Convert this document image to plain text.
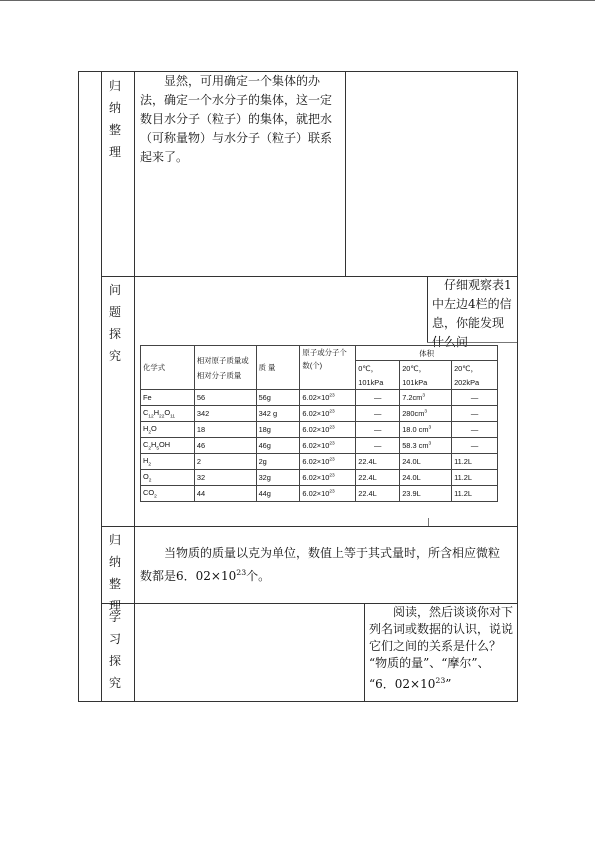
归
纳
整
理
显然，可用确定一个集体的办法，确定一个水分子的集体，这一定数目水分子（粒子）的集体，就把水（可称量物）与水分子（粒子）联系起来了。
问
题
探
究
仔细观察表1中左边4栏的信息，你能发现什么问
化学式	相对原子质量或相对分子质量	质 量	原子或分子个数(个)	体积		
				0℃，	20℃，	20℃，
				101kPa	101kPa	202kPa
Fe	56	56g	$6.02\times 10^{23}$	—	$7.2cm^3$	—
$C_{12}H_{22}O_{11}$	342	342 g	$6.02\times 10^{23}$	—	$280cm^3$	—
$H_2O$	18	18g	$6.02\times 10^{23}$	—	18.0 $cm^3$	—
$C_2H_5OH$	46	46g	$6.02\times 10^{23}$	—	58.3 $cm^3$	—
$H_2$	2	2g	$6.02\times 10^{23}$	22.4L	24.0L	11.2L
$O_2$	32	32g	$6.02\times 10^{23}$	22.4L	24.0L	11.2L
$CO_2$	44	44g	$6.02\times 10^{23}$	22.4L	23.9L	11.2L
归
纳
整
理
当物质的质量以克为单位，数值上等于其式量时，所含相应微粒数都是6．$02\times 10^{23}$个。
学
习
探
究
阅读，然后谈谈你对下列名词或数据的认识，说说它们之间的关系是什么？
“物质的量”、“摩尔”、
“6．$02\times 10^{23}$”
